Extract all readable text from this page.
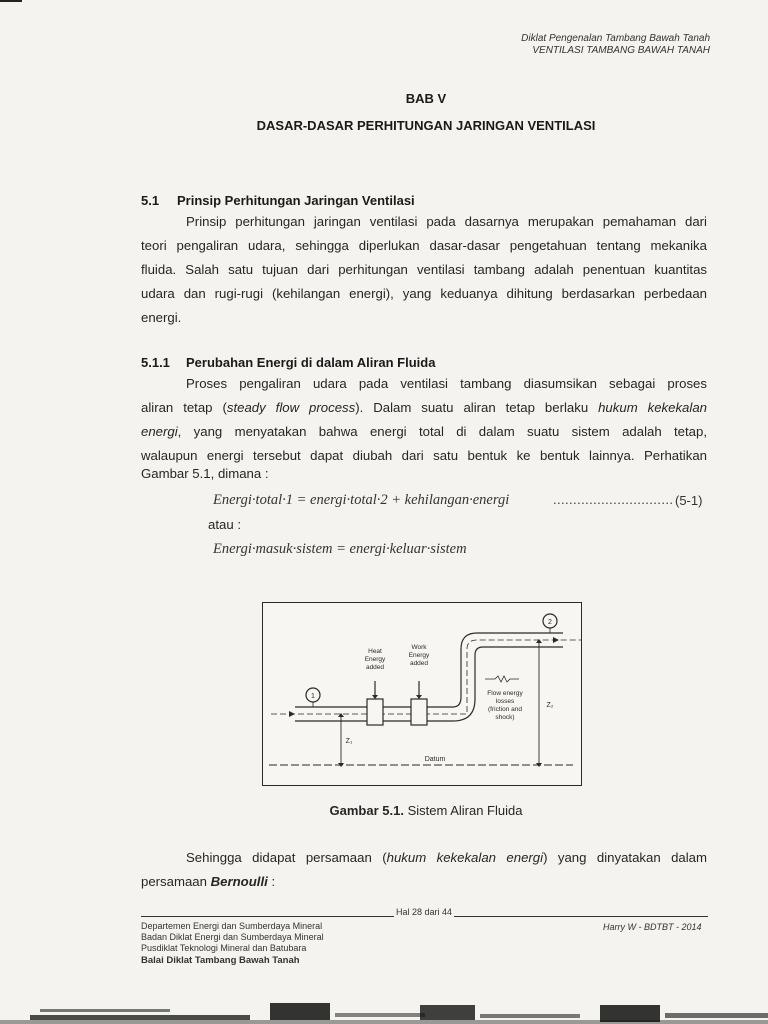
Diklat Pengenalan Tambang Bawah Tanah
VENTILASI TAMBANG BAWAH TANAH
BAB V
DASAR-DASAR PERHITUNGAN JARINGAN VENTILASI
5.1 Prinsip Perhitungan Jaringan Ventilasi
Prinsip perhitungan jaringan ventilasi pada dasarnya merupakan pemahaman dari
teori pengaliran udara, sehingga diperlukan dasar-dasar pengetahuan tentang mekanika
fluida. Salah satu tujuan dari perhitungan ventilasi tambang adalah penentuan kuantitas
udara dan rugi-rugi (kehilangan energi), yang keduanya dihitung berdasarkan perbedaan
energi.
5.1.1 Perubahan Energi di dalam Aliran Fluida
Proses pengaliran udara pada ventilasi tambang diasumsikan sebagai proses
aliran tetap (steady flow process). Dalam suatu aliran tetap berlaku hukum kekekalan
energi, yang menyatakan bahwa energi total di dalam suatu sistem adalah tetap,
walaupun energi tersebut dapat diubah dari satu bentuk ke bentuk lainnya. Perhatikan
Gambar 5.1, dimana :
Energi·total·1 = energi·total·2 + kehilangan·energi	.............................. (5-1)
atau :
Energi·masuk·sistem = energi·keluar·sistem
Heat
Energy
added
Work
Energy
added
1
2
Flow energy
losses
(friction and
shock)
Z₁
Z₂
Datum
Gambar 5.1. Sistem Aliran Fluida
Sehingga didapat persamaan (hukum kekekalan energi) yang dinyatakan dalam
persamaan Bernoulli :
Hal 28 dari 44
Harry W - BDTBT - 2014
Departemen Energi dan Sumberdaya Mineral
Badan Diklat Energi dan Sumberdaya Mineral
Pusdiklat Teknologi Mineral dan Batubara
Balai Diklat Tambang Bawah Tanah
